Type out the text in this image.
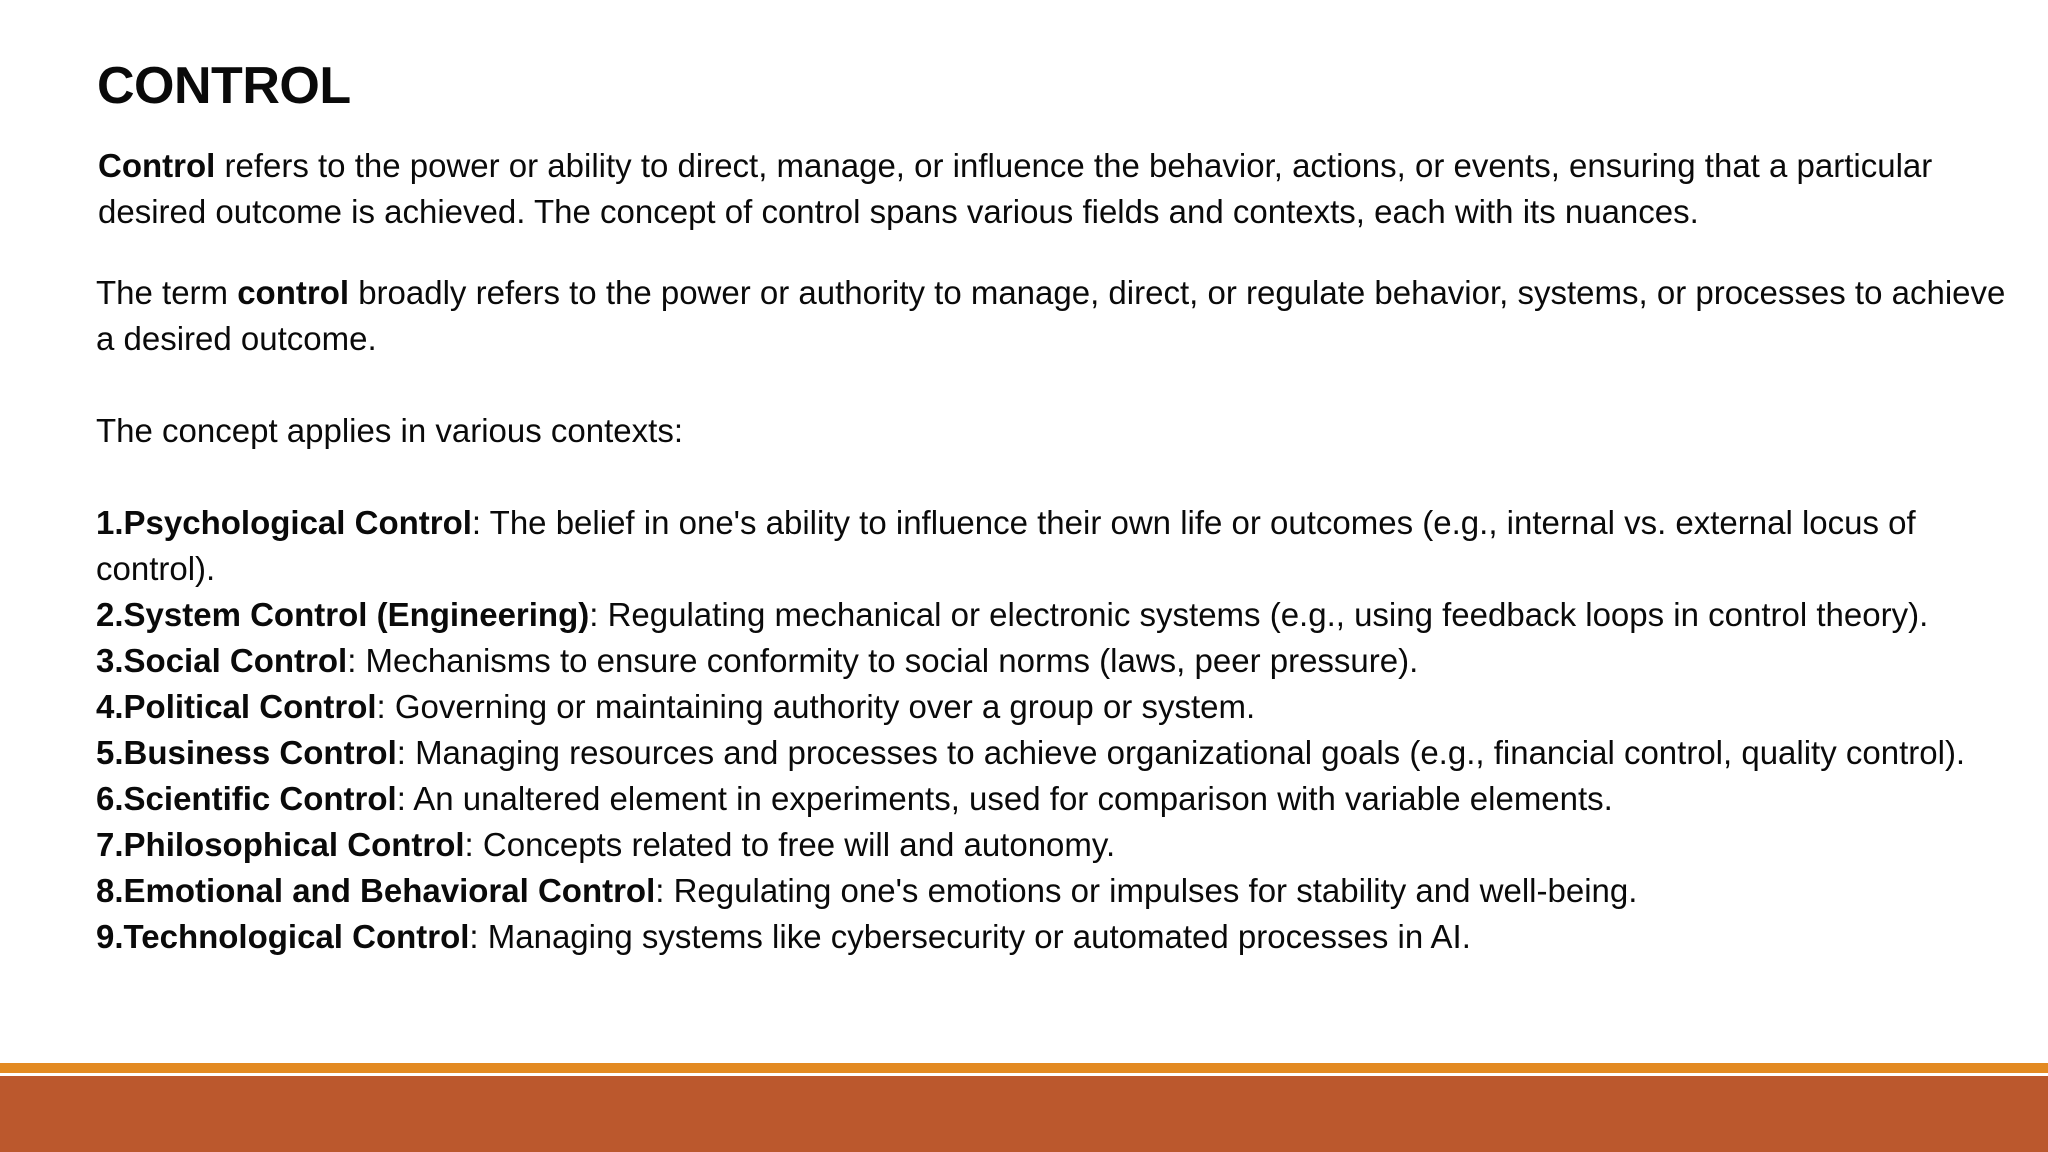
CONTROL

Control refers to the power or ability to direct, manage, or influence the behavior, actions, or events, ensuring that a particular desired outcome is achieved. The concept of control spans various fields and contexts, each with its nuances.

The term control broadly refers to the power or authority to manage, direct, or regulate behavior, systems, or processes to achieve a desired outcome.

The concept applies in various contexts:

1.Psychological Control: The belief in one's ability to influence their own life or outcomes (e.g., internal vs. external locus of control).
2.System Control (Engineering): Regulating mechanical or electronic systems (e.g., using feedback loops in control theory).
3.Social Control: Mechanisms to ensure conformity to social norms (laws, peer pressure).
4.Political Control: Governing or maintaining authority over a group or system.
5.Business Control: Managing resources and processes to achieve organizational goals (e.g., financial control, quality control).
6.Scientific Control: An unaltered element in experiments, used for comparison with variable elements.
7.Philosophical Control: Concepts related to free will and autonomy.
8.Emotional and Behavioral Control: Regulating one's emotions or impulses for stability and well-being.
9.Technological Control: Managing systems like cybersecurity or automated processes in AI.
